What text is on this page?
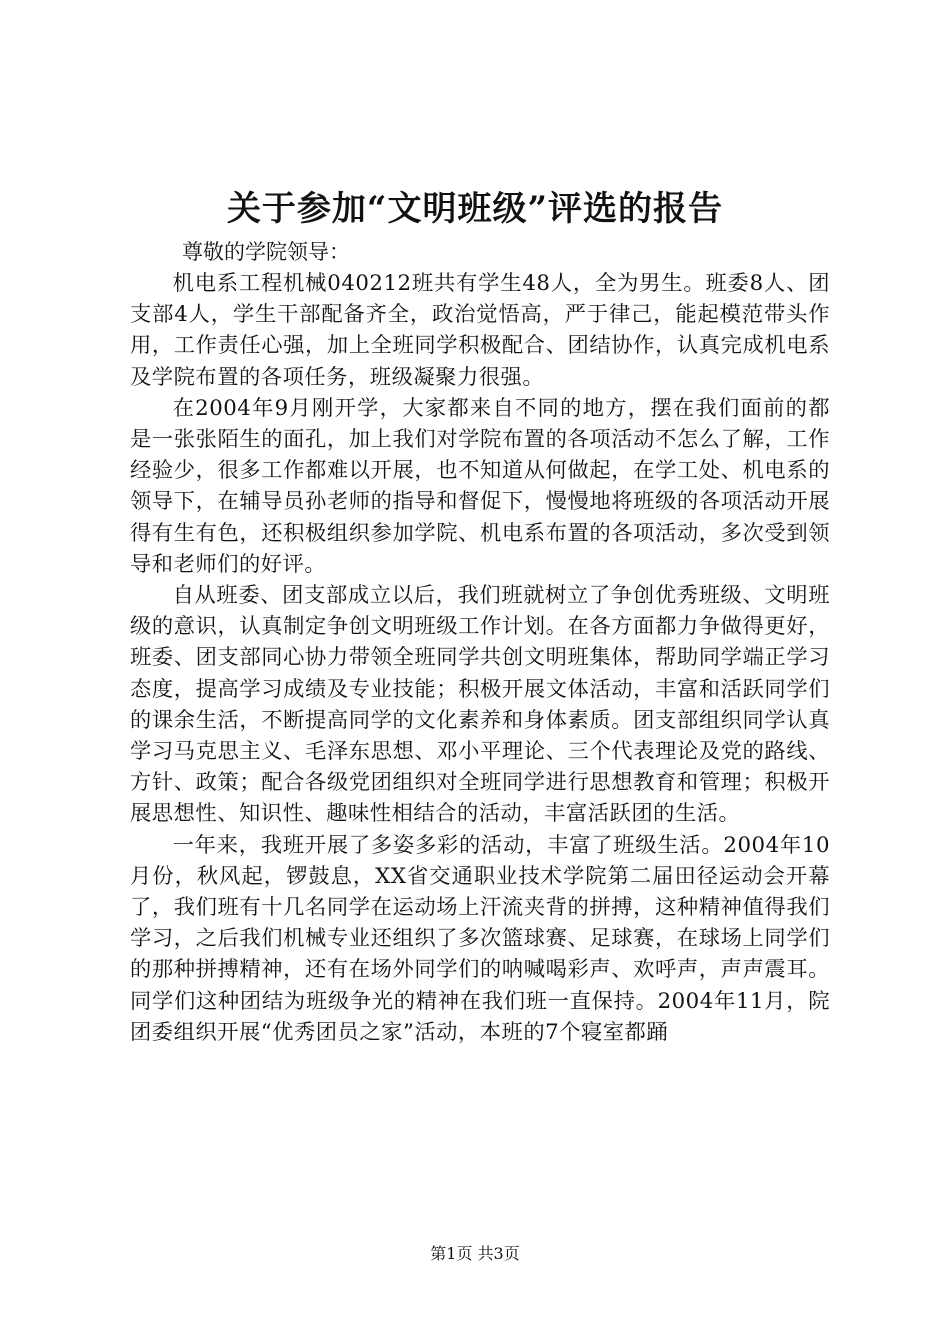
关于参加“文明班级”评选的报告

尊敬的学院领导：

机电系工程机械040212班共有学生48人，全为男生。班委8人、团支部4人，学生干部配备齐全，政治觉悟高，严于律己，能起模范带头作用，工作责任心强，加上全班同学积极配合、团结协作，认真完成机电系及学院布置的各项任务，班级凝聚力很强。

在2004年9月刚开学，大家都来自不同的地方，摆在我们面前的都是一张张陌生的面孔，加上我们对学院布置的各项活动不怎么了解，工作经验少，很多工作都难以开展，也不知道从何做起，在学工处、机电系的领导下，在辅导员孙老师的指导和督促下，慢慢地将班级的各项活动开展得有生有色，还积极组织参加学院、机电系布置的各项活动，多次受到领导和老师们的好评。

自从班委、团支部成立以后，我们班就树立了争创优秀班级、文明班级的意识，认真制定争创文明班级工作计划。在各方面都力争做得更好，班委、团支部同心协力带领全班同学共创文明班集体，帮助同学端正学习态度，提高学习成绩及专业技能；积极开展文体活动，丰富和活跃同学们的课余生活，不断提高同学的文化素养和身体素质。团支部组织同学认真学习马克思主义、毛泽东思想、邓小平理论、三个代表理论及党的路线、方针、政策；配合各级党团组织对全班同学进行思想教育和管理；积极开展思想性、知识性、趣味性相结合的活动，丰富活跃团的生活。

一年来，我班开展了多姿多彩的活动，丰富了班级生活。2004年10月份，秋风起，锣鼓息，XX省交通职业技术学院第二届田径运动会开幕了，我们班有十几名同学在运动场上汗流夹背的拼搏，这种精神值得我们学习，之后我们机械专业还组织了多次篮球赛、足球赛，在球场上同学们的那种拼搏精神，还有在场外同学们的呐喊喝彩声、欢呼声，声声震耳。同学们这种团结为班级争光的精神在我们班一直保持。2004年11月，院团委组织开展“优秀团员之家”活动，本班的7个寝室都踊

第1页 共3页
